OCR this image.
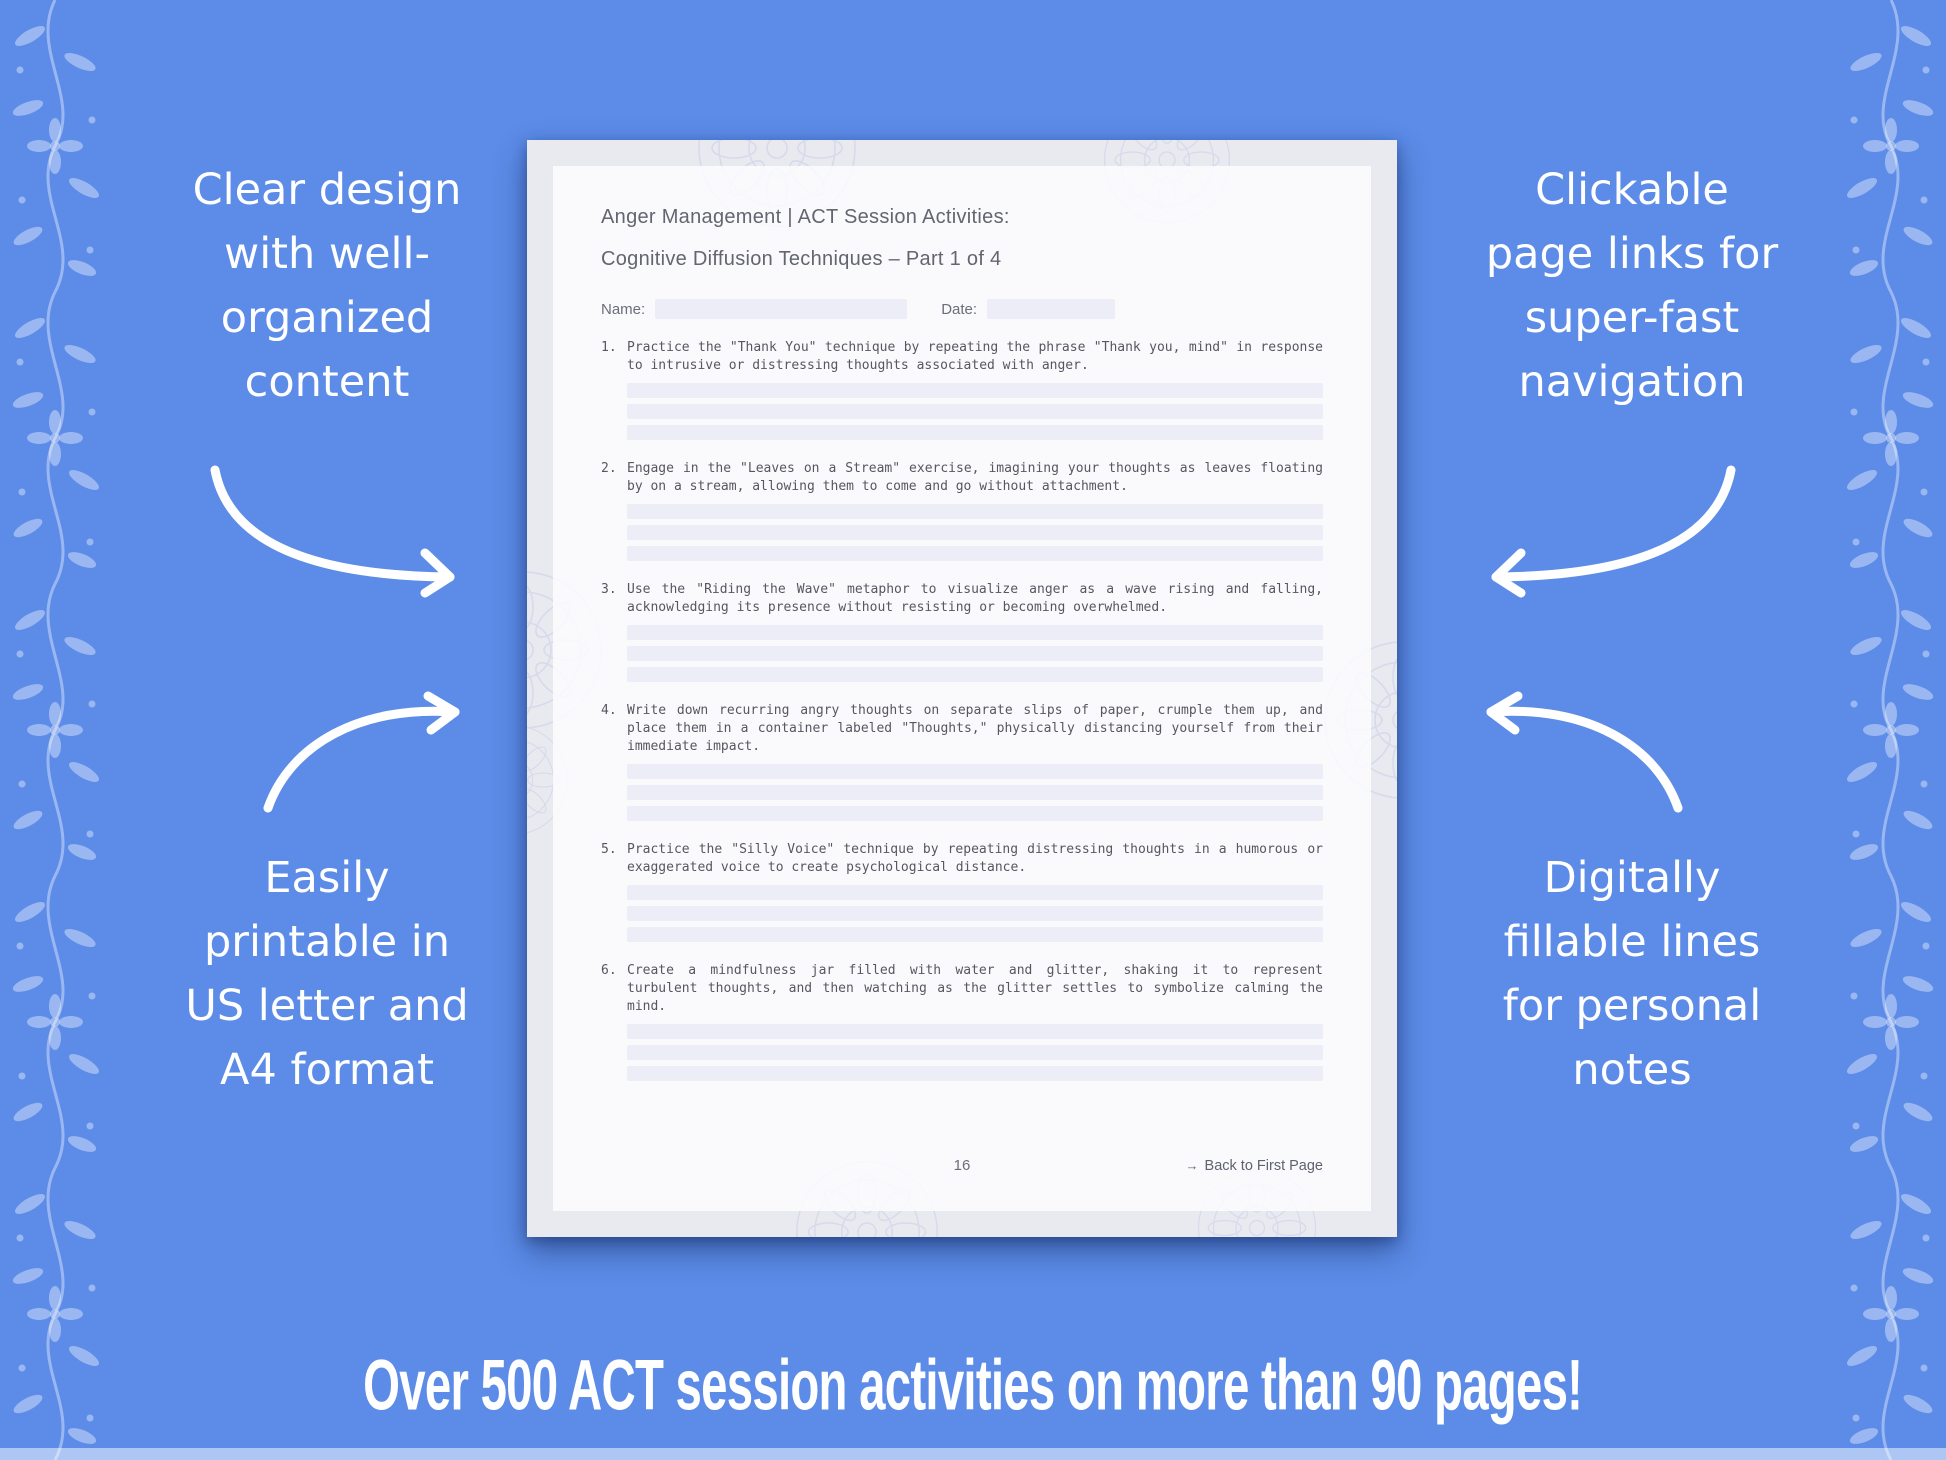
Clear design
with well-
organized
content
Clickable
page links for
super-fast
navigation
Easily
printable in
US letter and
A4 format
Digitally
fillable lines
for personal
notes
Anger Management | ACT Session Activities:
Cognitive Diffusion Techniques – Part 1 of 4
Name:	Date:
1. Practice the "Thank You" technique by repeating the phrase "Thank you, mind" in response to intrusive or distressing thoughts associated with anger.
2. Engage in the "Leaves on a Stream" exercise, imagining your thoughts as leaves floating by on a stream, allowing them to come and go without attachment.
3. Use the "Riding the Wave" metaphor to visualize anger as a wave rising and falling, acknowledging its presence without resisting or becoming overwhelmed.
4. Write down recurring angry thoughts on separate slips of paper, crumple them up, and place them in a container labeled "Thoughts," physically distancing yourself from their immediate impact.
5. Practice the "Silly Voice" technique by repeating distressing thoughts in a humorous or exaggerated voice to create psychological distance.
6. Create a mindfulness jar filled with water and glitter, shaking it to represent turbulent thoughts, and then watching as the glitter settles to symbolize calming the mind.
16	→ Back to First Page
Over 500 ACT session activities on more than 90 pages!
